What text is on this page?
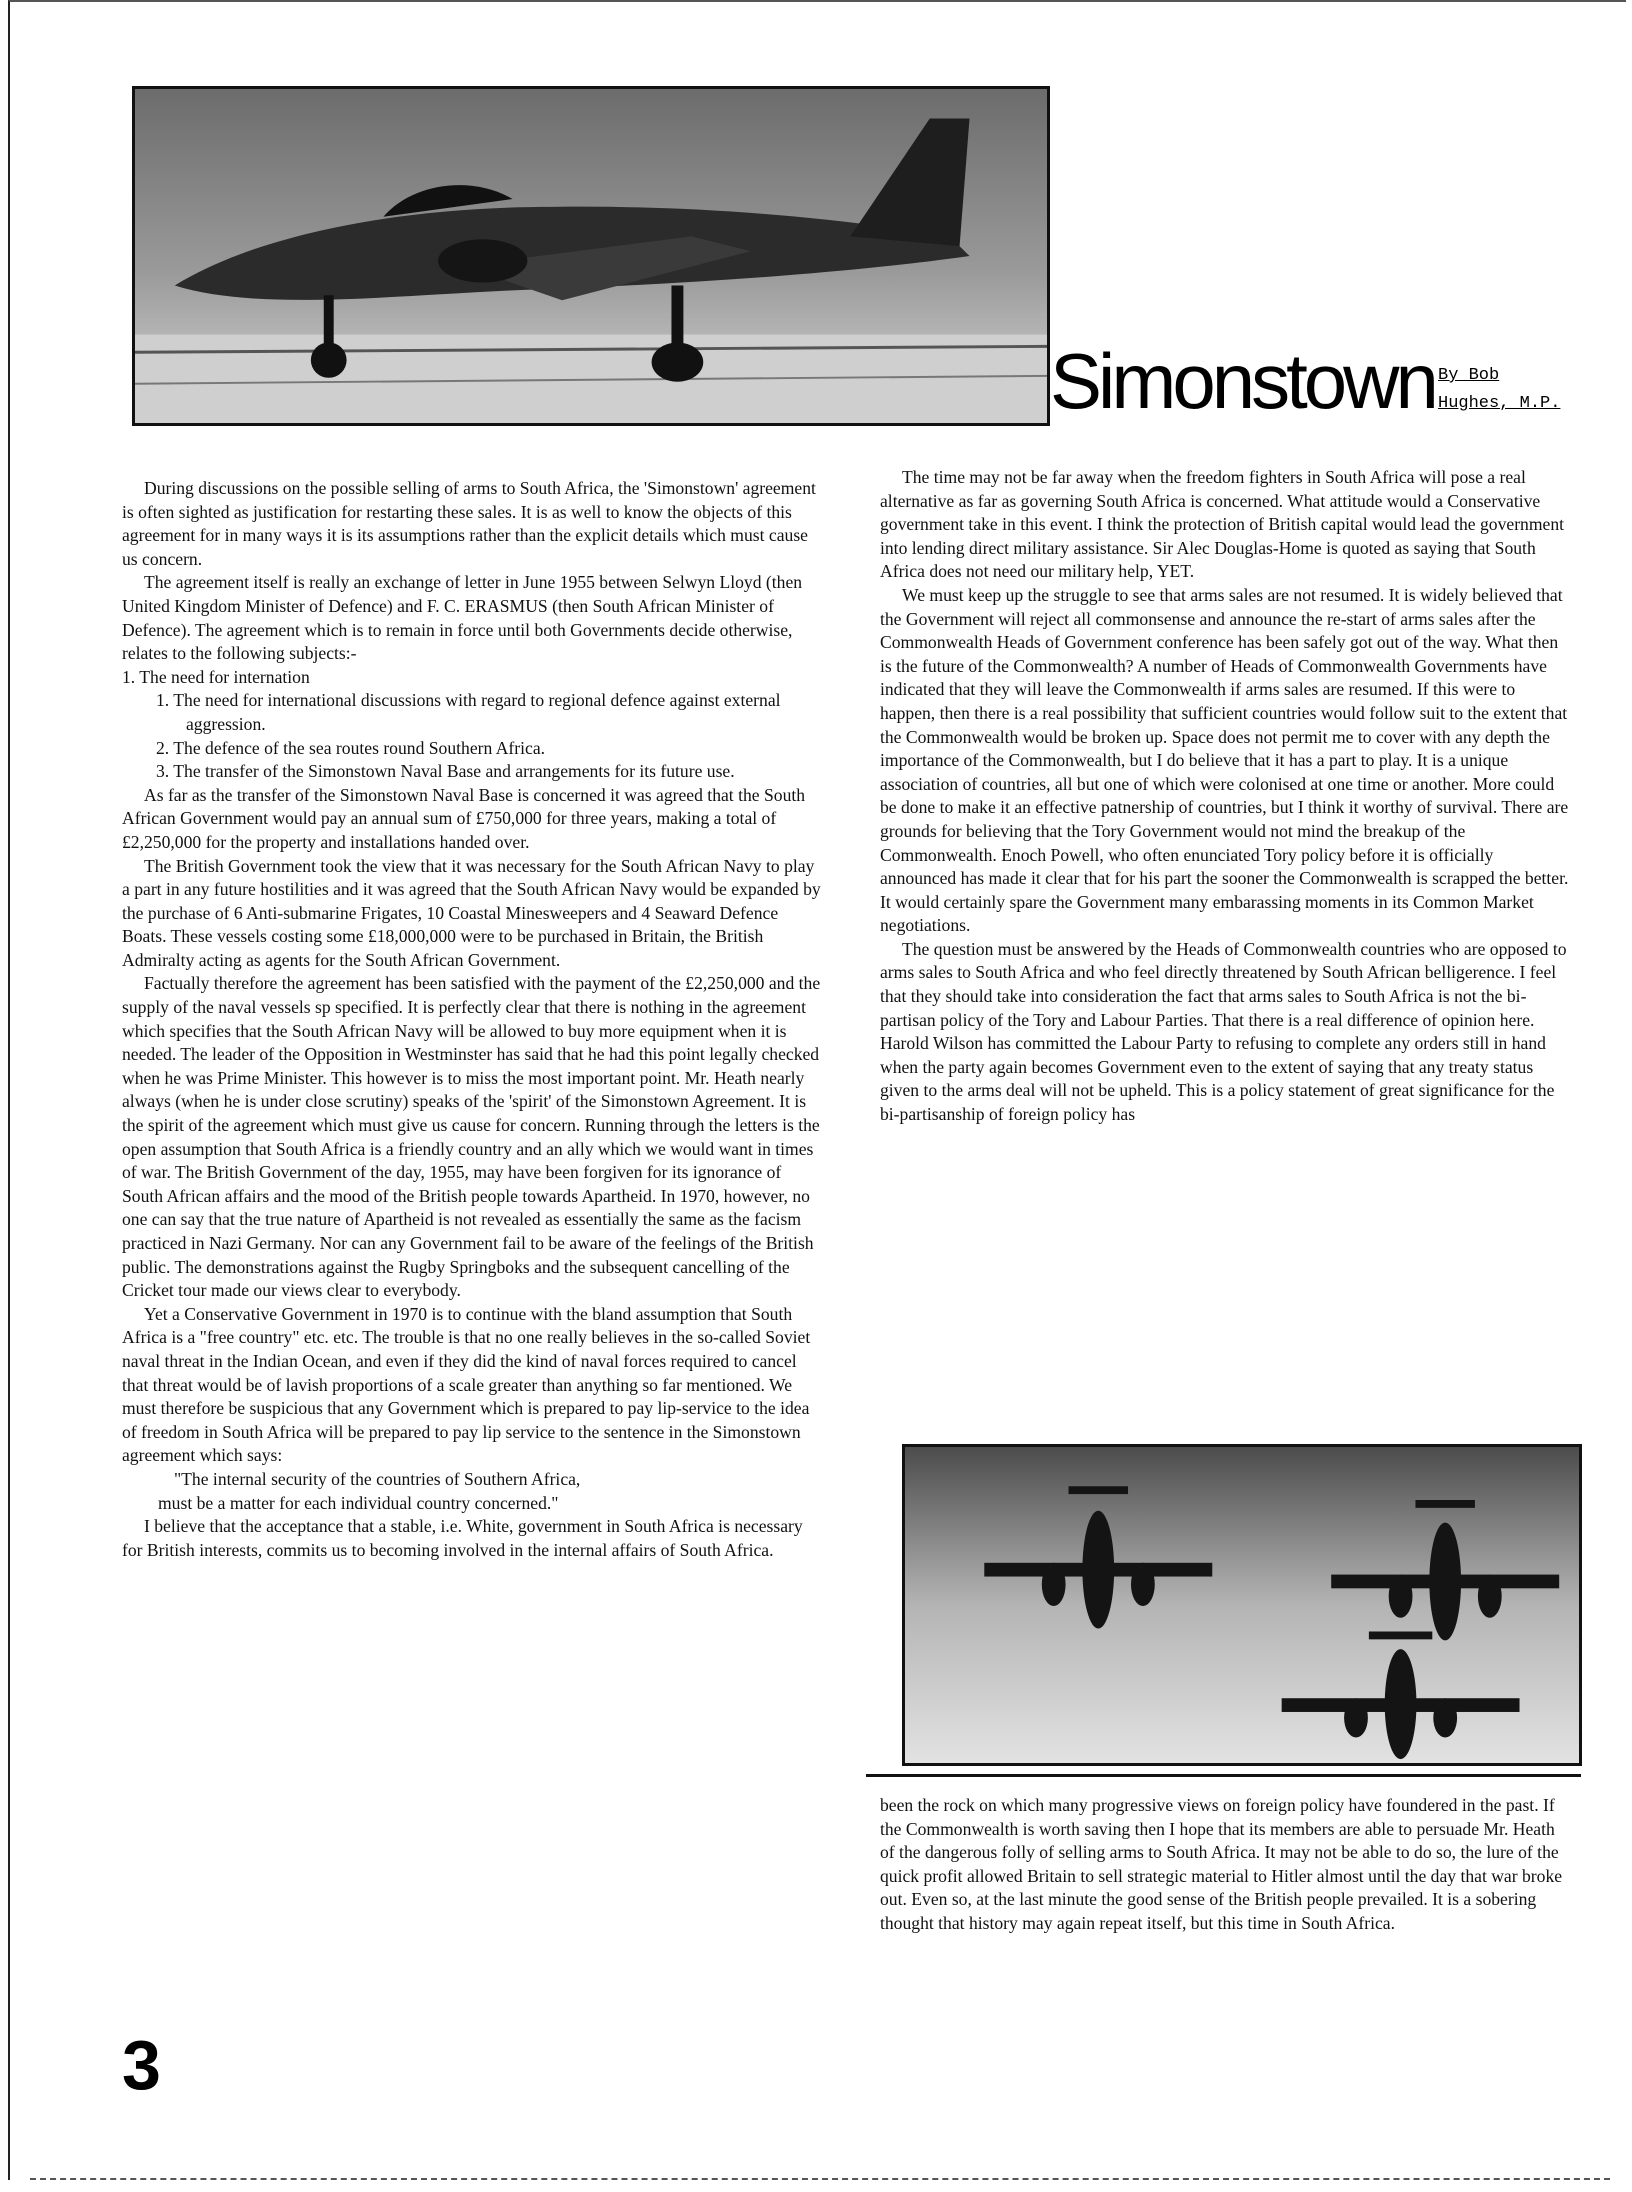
Simonstown By Bob
Hughes, M.P.

During discussions on the possible selling of arms to South Africa, the 'Simonstown' agreement is often sighted as justification for restarting these sales. It is as well to know the objects of this agreement for in many ways it is its assumptions rather than the explicit details which must cause us concern.

The agreement itself is really an exchange of letter in June 1955 between Selwyn Lloyd (then United Kingdom Minister of Defence) and F. C. ERASMUS (then South African Minister of Defence). The agreement which is to remain in force until both Governments decide otherwise, relates to the following subjects:-

1. The need for internation
1. The need for international discussions with regard to regional defence against external aggression.
2. The defence of the sea routes round Southern Africa.
3. The transfer of the Simonstown Naval Base and arrangements for its future use.

As far as the transfer of the Simonstown Naval Base is concerned it was agreed that the South African Government would pay an annual sum of £750,000 for three years, making a total of £2,250,000 for the property and installations handed over.

The British Government took the view that it was necessary for the South African Navy to play a part in any future hostilities and it was agreed that the South African Navy would be expanded by the purchase of 6 Anti-submarine Frigates, 10 Coastal Minesweepers and 4 Seaward Defence Boats. These vessels costing some £18,000,000 were to be purchased in Britain, the British Admiralty acting as agents for the South African Government.

Factually therefore the agreement has been satisfied with the payment of the £2,250,000 and the supply of the naval vessels sp specified. It is perfectly clear that there is nothing in the agreement which specifies that the South African Navy will be allowed to buy more equipment when it is needed. The leader of the Opposition in Westminster has said that he had this point legally checked when he was Prime Minister. This however is to miss the most important point. Mr. Heath nearly always (when he is under close scrutiny) speaks of the 'spirit' of the Simonstown Agreement. It is the spirit of the agreement which must give us cause for concern. Running through the letters is the open assumption that South Africa is a friendly country and an ally which we would want in times of war. The British Government of the day, 1955, may have been forgiven for its ignorance of South African affairs and the mood of the British people towards Apartheid. In 1970, however, no one can say that the true nature of Apartheid is not revealed as essentially the same as the facism practiced in Nazi Germany. Nor can any Government fail to be aware of the feelings of the British public. The demonstrations against the Rugby Springboks and the subsequent cancelling of the Cricket tour made our views clear to everybody.

Yet a Conservative Government in 1970 is to continue with the bland assumption that South Africa is a "free country" etc. etc. The trouble is that no one really believes in the so-called Soviet naval threat in the Indian Ocean, and even if they did the kind of naval forces required to cancel that threat would be of lavish proportions of a scale greater than anything so far mentioned. We must therefore be suspicious that any Government which is prepared to pay lip-service to the idea of freedom in South Africa will be prepared to pay lip service to the sentence in the Simonstown agreement which says:

"The internal security of the countries of Southern Africa,
must be a matter for each individual country concerned."

I believe that the acceptance that a stable, i.e. White, government in South Africa is necessary for British interests, commits us to becoming involved in the internal affairs of South Africa.

The time may not be far away when the freedom fighters in South Africa will pose a real alternative as far as governing South Africa is concerned. What attitude would a Conservative government take in this event. I think the protection of British capital would lead the government into lending direct military assistance. Sir Alec Douglas-Home is quoted as saying that South Africa does not need our military help, YET.

We must keep up the struggle to see that arms sales are not resumed. It is widely believed that the Government will reject all commonsense and announce the re-start of arms sales after the Commonwealth Heads of Government conference has been safely got out of the way. What then is the future of the Commonwealth? A number of Heads of Commonwealth Governments have indicated that they will leave the Commonwealth if arms sales are resumed. If this were to happen, then there is a real possibility that sufficient countries would follow suit to the extent that the Commonwealth would be broken up. Space does not permit me to cover with any depth the importance of the Commonwealth, but I do believe that it has a part to play. It is a unique association of countries, all but one of which were colonised at one time or another. More could be done to make it an effective patnership of countries, but I think it worthy of survival. There are grounds for believing that the Tory Government would not mind the breakup of the Commonwealth. Enoch Powell, who often enunciated Tory policy before it is officially announced has made it clear that for his part the sooner the Commonwealth is scrapped the better. It would certainly spare the Government many embarassing moments in its Common Market negotiations.

The question must be answered by the Heads of Commonwealth countries who are opposed to arms sales to South Africa and who feel directly threatened by South African belligerence. I feel that they should take into consideration the fact that arms sales to South Africa is not the bi-partisan policy of the Tory and Labour Parties. That there is a real difference of opinion here. Harold Wilson has committed the Labour Party to refusing to complete any orders still in hand when the party again becomes Government even to the extent of saying that any treaty status given to the arms deal will not be upheld. This is a policy statement of great significance for the bi-partisanship of foreign policy has

been the rock on which many progressive views on foreign policy have foundered in the past. If the Commonwealth is worth saving then I hope that its members are able to persuade Mr. Heath of the dangerous folly of selling arms to South Africa. It may not be able to do so, the lure of the quick profit allowed Britain to sell strategic material to Hitler almost until the day that war broke out. Even so, at the last minute the good sense of the British people prevailed. It is a sobering thought that history may again repeat itself, but this time in South Africa.

3
